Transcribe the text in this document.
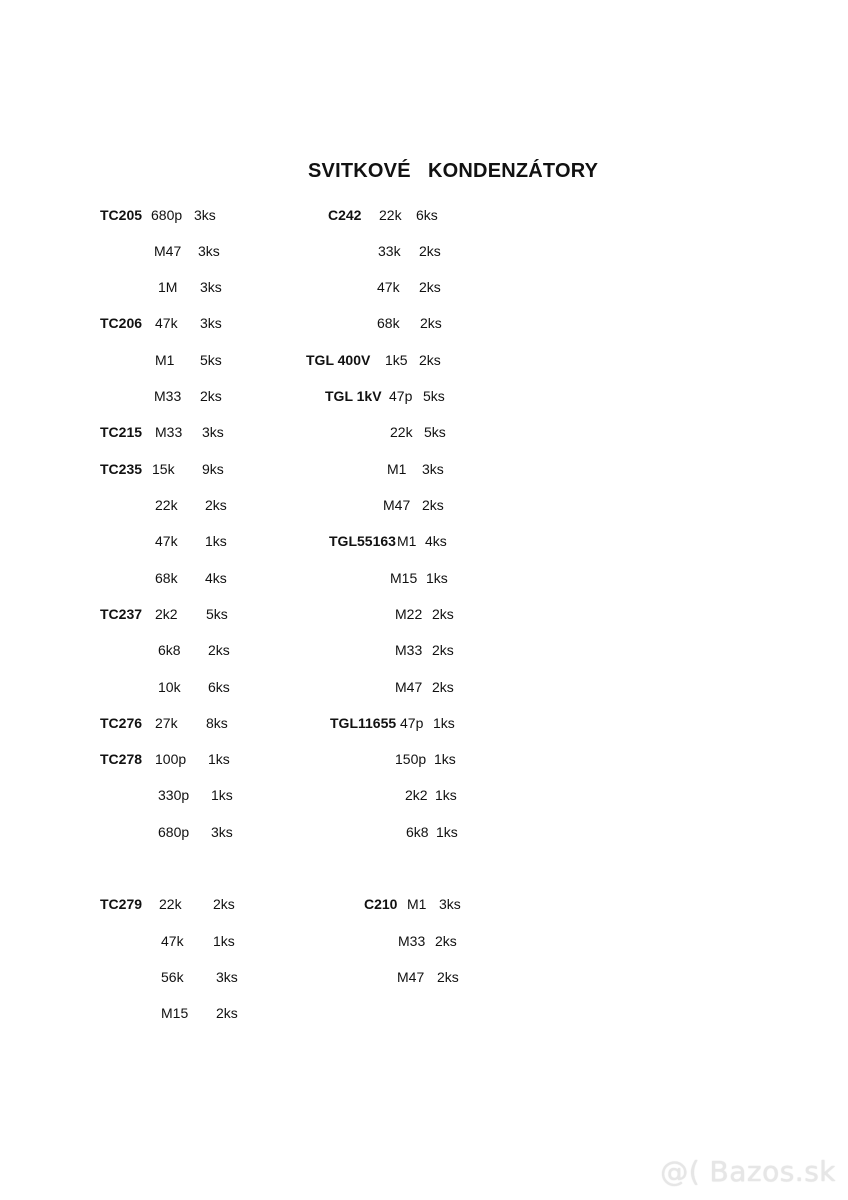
SVITKOVÉ   KONDENZÁTORY
TC205 680p 3ks
M47 3ks
1M 3ks
TC206 47k 3ks
M1 5ks
M33 2ks
TC215 M33 3ks
TC235 15k 9ks
22k 2ks
47k 1ks
68k 4ks
TC237 2k2 5ks
6k8 2ks
10k 6ks
TC276 27k 8ks
TC278 100p 1ks
330p 1ks
680p 3ks
TC279 22k 2ks
47k 1ks
56k 3ks
M15 2ks
C242 22k 6ks
33k 2ks
47k 2ks
68k 2ks
TGL 400V 1k5 2ks
TGL 1kV 47p 5ks
22k 5ks
M1 3ks
M47 2ks
TGL55163 M1 4ks
M15 1ks
M22 2ks
M33 2ks
M47 2ks
TGL11655 47p 1ks
150p 1ks
2k2 1ks
6k8 1ks
C210 M1 3ks
M33 2ks
M47 2ks
@( Bazos.sk
